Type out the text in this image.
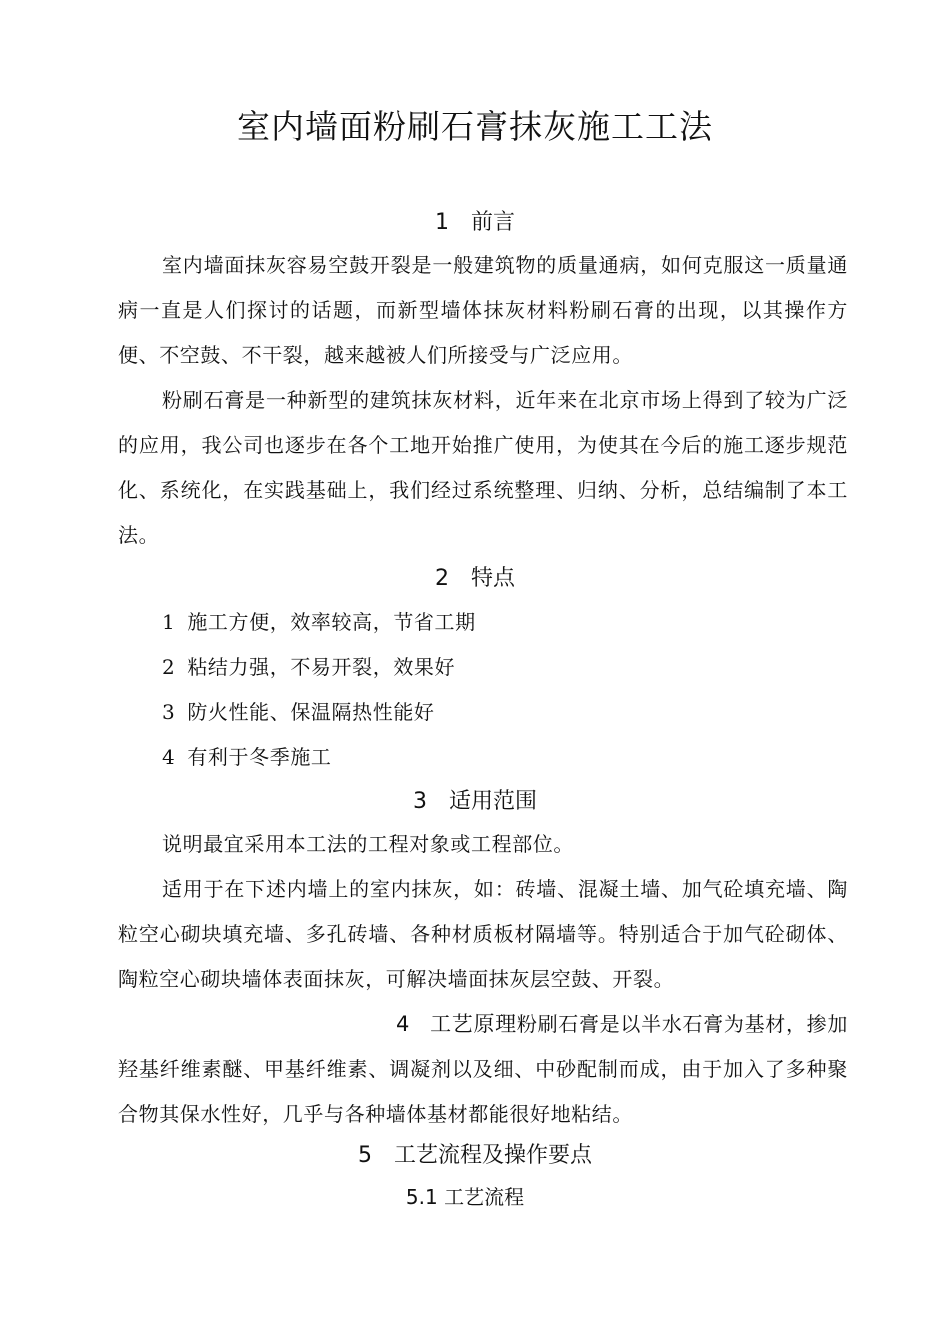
室内墙面粉刷石膏抹灰施工工法
1 前言

室内墙面抹灰容易空鼓开裂是一般建筑物的质量通病，如何克服这一质量通病一直是人们探讨的话题，而新型墙体抹灰材料粉刷石膏的出现，以其操作方便、不空鼓、不干裂，越来越被人们所接受与广泛应用。

粉刷石膏是一种新型的建筑抹灰材料，近年来在北京市场上得到了较为广泛的应用，我公司也逐步在各个工地开始推广使用，为使其在今后的施工逐步规范化、系统化，在实践基础上，我们经过系统整理、归纳、分析，总结编制了本工法。

2 特点
1 施工方便，效率较高，节省工期
2 粘结力强，不易开裂，效果好
3 防火性能、保温隔热性能好
4 有利于冬季施工
3 适用范围

说明最宜采用本工法的工程对象或工程部位。

适用于在下述内墙上的室内抹灰，如：砖墙、混凝土墙、加气砼填充墙、陶粒空心砌块填充墙、多孔砖墙、各种材质板材隔墙等。特别适合于加气砼砌体、陶粒空心砌块墙体表面抹灰，可解决墙面抹灰层空鼓、开裂。

4 工艺原理粉刷石膏是以半水石膏为基材，掺加羟基纤维素醚、甲基纤维素、调凝剂以及细、中砂配制而成，由于加入了多种聚合物其保水性好，几乎与各种墙体基材都能很好地粘结。

5 工艺流程及操作要点
5.1 工艺流程
